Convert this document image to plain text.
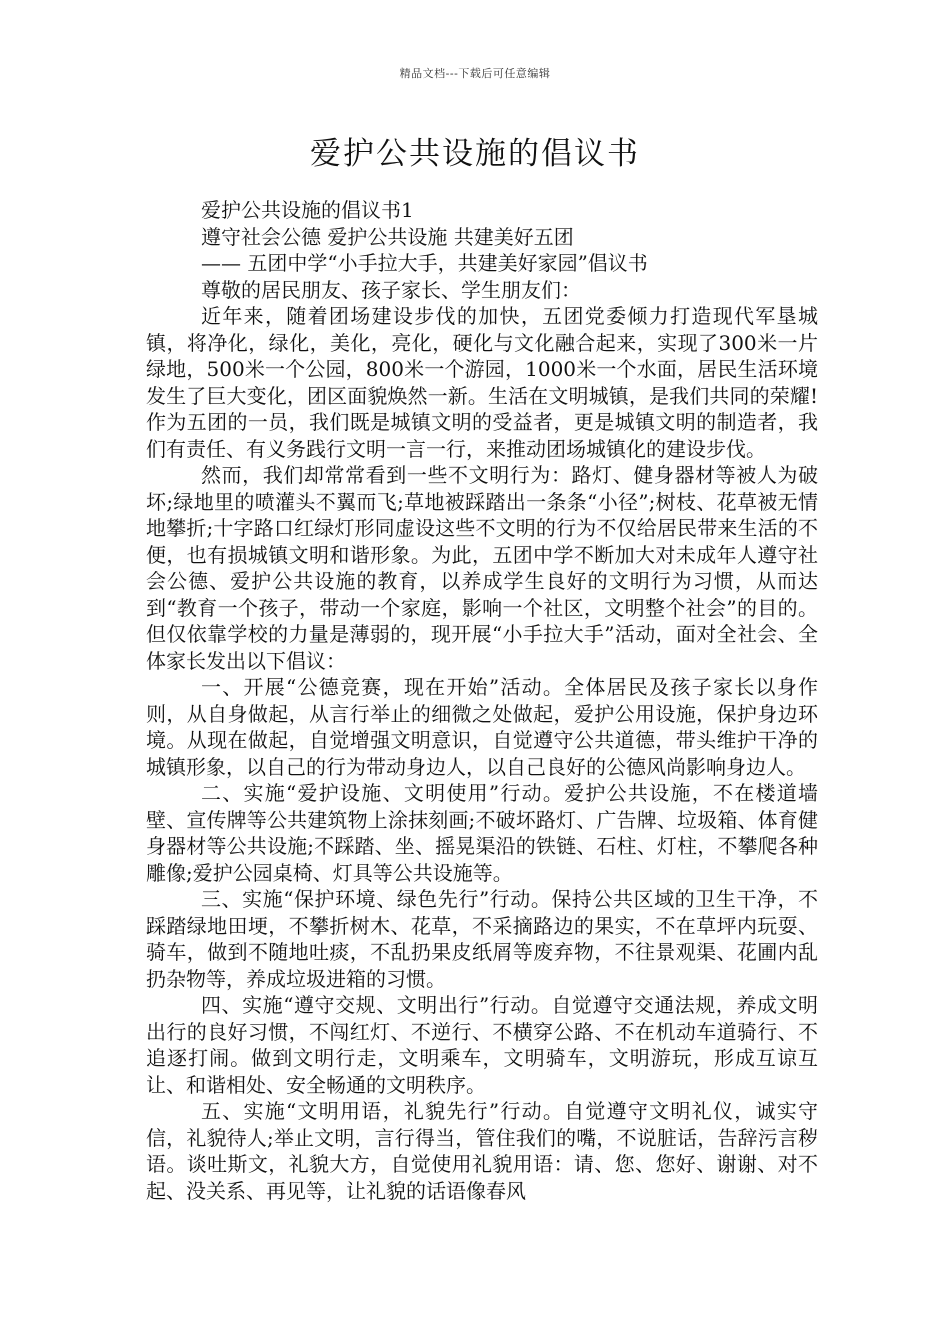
精品文档---下载后可任意编辑
爱护公共设施的倡议书

爱护公共设施的倡议书1

遵守社会公德 爱护公共设施 共建美好五团

—— 五团中学“小手拉大手，共建美好家园”倡议书

尊敬的居民朋友、孩子家长、学生朋友们：

近年来，随着团场建设步伐的加快，五团党委倾力打造现代军垦城镇，将净化，绿化，美化，亮化，硬化与文化融合起来，实现了300米一片绿地，500米一个公园，800米一个游园，1000米一个水面，居民生活环境发生了巨大变化，团区面貌焕然一新。生活在文明城镇，是我们共同的荣耀!作为五团的一员，我们既是城镇文明的受益者，更是城镇文明的制造者，我们有责任、有义务践行文明一言一行，来推动团场城镇化的建设步伐。

然而，我们却常常看到一些不文明行为：路灯、健身器材等被人为破坏;绿地里的喷灌头不翼而飞;草地被踩踏出一条条“小径”;树枝、花草被无情地攀折;十字路口红绿灯形同虚设这些不文明的行为不仅给居民带来生活的不便，也有损城镇文明和谐形象。为此，五团中学不断加大对未成年人遵守社会公德、爱护公共设施的教育，以养成学生良好的文明行为习惯，从而达到“教育一个孩子，带动一个家庭，影响一个社区，文明整个社会”的目的。但仅依靠学校的力量是薄弱的，现开展“小手拉大手”活动，面对全社会、全体家长发出以下倡议：

一、开展“公德竞赛，现在开始”活动。全体居民及孩子家长以身作则，从自身做起，从言行举止的细微之处做起，爱护公用设施，保护身边环境。从现在做起，自觉增强文明意识，自觉遵守公共道德，带头维护干净的城镇形象，以自己的行为带动身边人，以自己良好的公德风尚影响身边人。

二、实施“爱护设施、文明使用”行动。爱护公共设施，不在楼道墙壁、宣传牌等公共建筑物上涂抹刻画;不破坏路灯、广告牌、垃圾箱、体育健身器材等公共设施;不踩踏、坐、摇晃渠沿的铁链、石柱、灯柱，不攀爬各种雕像;爱护公园桌椅、灯具等公共设施等。

三、实施“保护环境、绿色先行”行动。保持公共区域的卫生干净，不踩踏绿地田埂，不攀折树木、花草，不采摘路边的果实，不在草坪内玩耍、骑车，做到不随地吐痰，不乱扔果皮纸屑等废弃物，不往景观渠、花圃内乱扔杂物等，养成垃圾进箱的习惯。

四、实施“遵守交规、文明出行”行动。自觉遵守交通法规，养成文明出行的良好习惯，不闯红灯、不逆行、不横穿公路、不在机动车道骑行、不追逐打闹。做到文明行走，文明乘车，文明骑车，文明游玩，形成互谅互让、和谐相处、安全畅通的文明秩序。

五、实施“文明用语，礼貌先行”行动。自觉遵守文明礼仪，诚实守信，礼貌待人;举止文明，言行得当，管住我们的嘴，不说脏话，告辞污言秽语。谈吐斯文，礼貌大方，自觉使用礼貌用语：请、您、您好、谢谢、对不起、没关系、再见等，让礼貌的话语像春风
